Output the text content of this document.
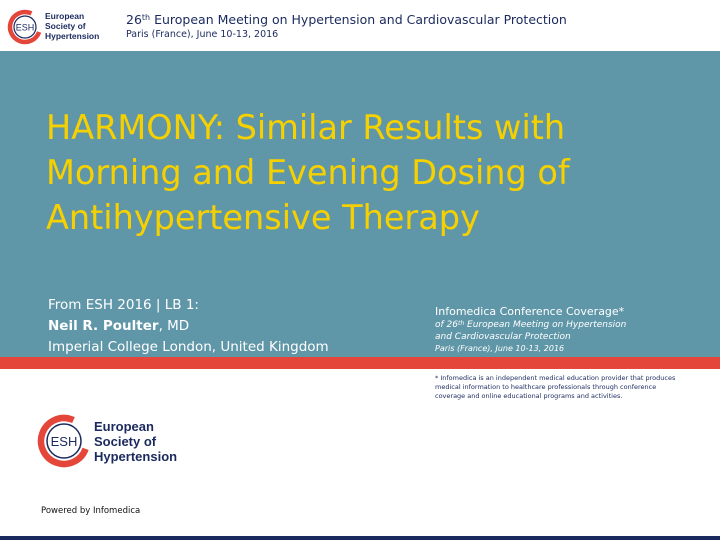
ESH
European
Society of
Hypertension
26th European Meeting on Hypertension and Cardiovascular Protection
Paris (France), June 10-13, 2016
HARMONY: Similar Results with Morning and Evening Dosing of Antihypertensive Therapy
From ESH 2016 | LB 1:
Neil R. Poulter, MD
Imperial College London, United Kingdom
Infomedica Conference Coverage*
of 26th European Meeting on Hypertension
and Cardiovascular Protection
Paris (France), June 10-13, 2016
* Infomedica is an independent medical education provider that produces medical information to healthcare professionals through conference coverage and online educational programs and activities.
ESH
European
Society of
Hypertension
Powered by Infomedica
